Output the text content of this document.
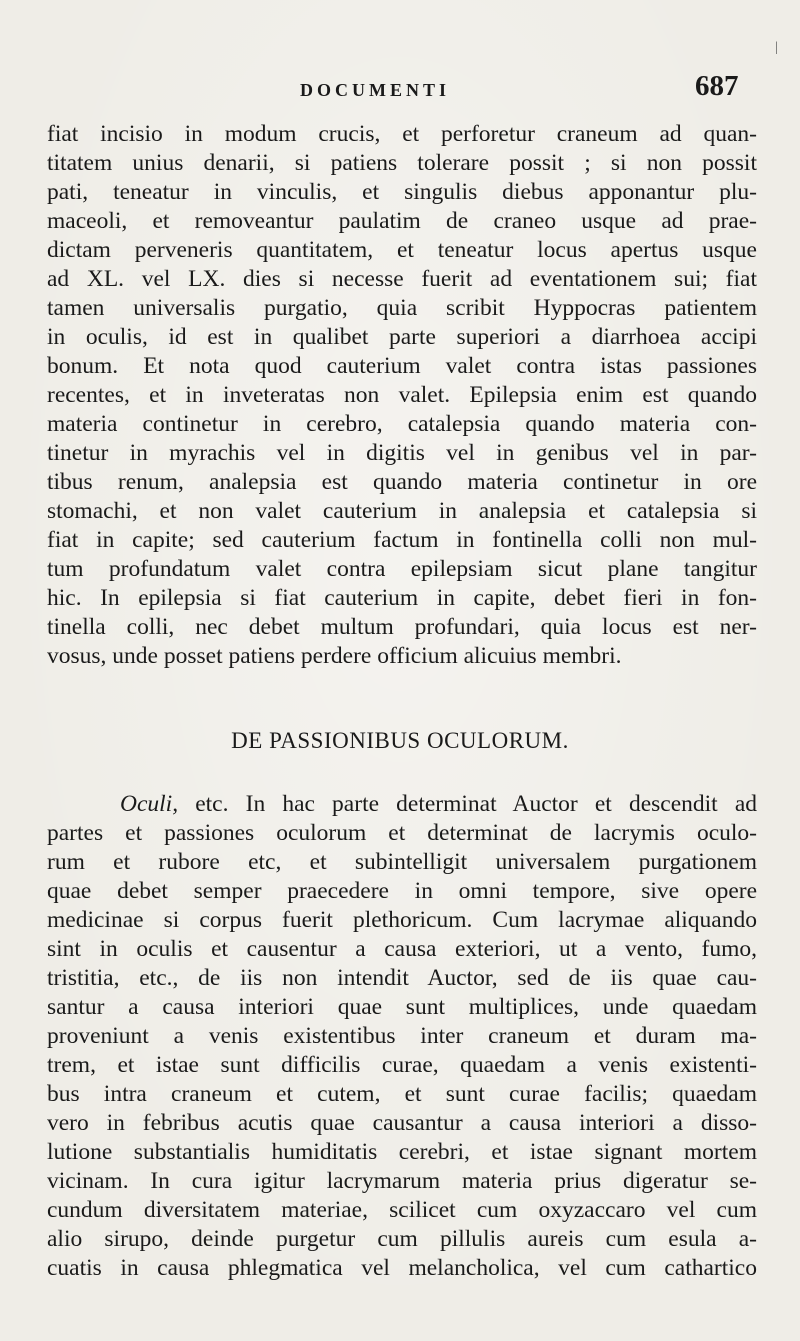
|
DOCUMENTI	687
fiat incisio in modum crucis, et perforetur craneum ad quan-
titatem unius denarii, si patiens tolerare possit ; si non possit
pati, teneatur in vinculis, et singulis diebus apponantur plu-
maceoli, et removeantur paulatim de craneo usque ad prae-
dictam perveneris quantitatem, et teneatur locus apertus usque
ad XL. vel LX. dies si necesse fuerit ad eventationem sui; fiat
tamen universalis purgatio, quia scribit Hyppocras patientem
in oculis, id est in qualibet parte superiori a diarrhoea accipi
bonum. Et nota quod cauterium valet contra istas passiones
recentes, et in inveteratas non valet. Epilepsia enim est quando
materia continetur in cerebro, catalepsia quando materia con-
tinetur in myrachis vel in digitis vel in genibus vel in par-
tibus renum, analepsia est quando materia continetur in ore
stomachi, et non valet cauterium in analepsia et catalepsia si
fiat in capite; sed cauterium factum in fontinella colli non mul-
tum profundatum valet contra epilepsiam sicut plane tangitur
hic. In epilepsia si fiat cauterium in capite, debet fieri in fon-
tinella colli, nec debet multum profundari, quia locus est ner-
vosus, unde posset patiens perdere officium alicuius membri.
DE PASSIONIBUS OCULORUM.
Oculi, etc. In hac parte determinat Auctor et descendit ad
partes et passiones oculorum et determinat de lacrymis oculo-
rum et rubore etc, et subintelligit universalem purgationem
quae debet semper praecedere in omni tempore, sive opere
medicinae si corpus fuerit plethoricum. Cum lacrymae aliquando
sint in oculis et causentur a causa exteriori, ut a vento, fumo,
tristitia, etc., de iis non intendit Auctor, sed de iis quae cau-
santur a causa interiori quae sunt multiplices, unde quaedam
proveniunt a venis existentibus inter craneum et duram ma-
trem, et istae sunt difficilis curae, quaedam a venis existenti-
bus intra craneum et cutem, et sunt curae facilis; quaedam
vero in febribus acutis quae causantur a causa interiori a disso-
lutione substantialis humiditatis cerebri, et istae signant mortem
vicinam. In cura igitur lacrymarum materia prius digeratur se-
cundum diversitatem materiae, scilicet cum oxyzaccaro vel cum
alio sirupo, deinde purgetur cum pillulis aureis cum esula a-
cuatis in causa phlegmatica vel melancholica, vel cum cathartico
